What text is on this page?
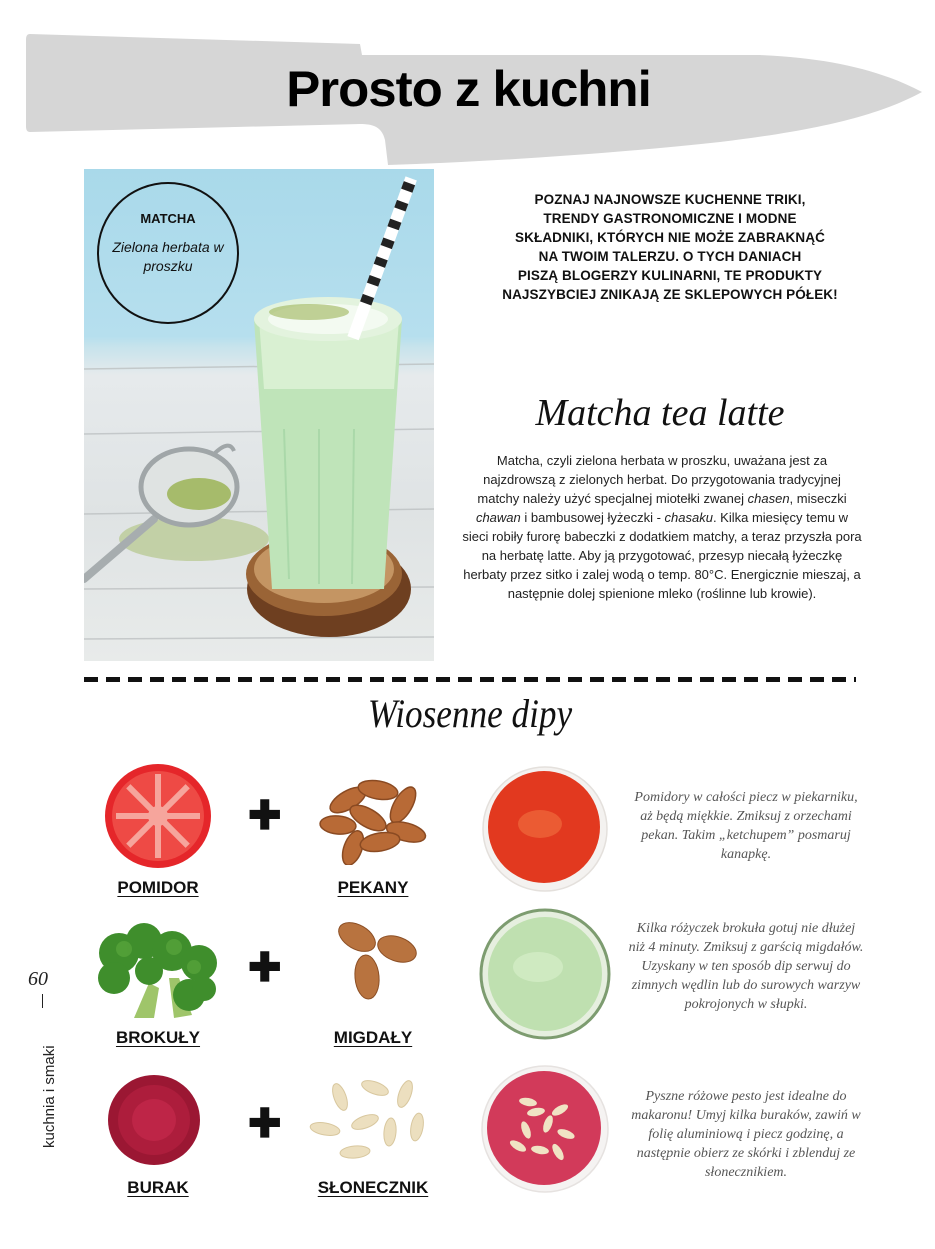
Prosto z kuchni
MATCHA
Zielona herbata w proszku
POZNAJ NAJNOWSZE KUCHENNE TRIKI,
TRENDY GASTRONOMICZNE I MODNE
SKŁADNIKI, KTÓRYCH NIE MOŻE ZABRAKNĄĆ
NA TWOIM TALERZU. O TYCH DANIACH
PISZĄ BLOGERZY KULINARNI, TE PRODUKTY
NAJSZYBCIEJ ZNIKAJĄ ZE SKLEPOWYCH PÓŁEK!
Matcha tea latte
Matcha, czyli zielona herbata w proszku, uważana jest za najzdrowszą z zielonych herbat. Do przygotowania tradycyjnej matchy należy użyć specjalnej miotełki zwanej chasen, miseczki chawan i bambusowej łyżeczki - chasaku. Kilka miesięcy temu w sieci robiły furorę babeczki z dodatkiem matchy, a teraz przyszła pora na herbatę latte. Aby ją przygotować, przesyp niecałą łyżeczkę herbaty przez sitko i zalej wodą o temp. 80°C. Energicznie mieszaj, a następnie dolej spienione mleko (roślinne lub krowie).
Wiosenne dipy
✚
POMIDOR	PEKANY
Pomidory w całości piecz w piekarniku, aż będą miękkie. Zmiksuj z orzechami pekan. Takim „ketchupem” posmaruj kanapkę.
✚
BROKUŁY	MIGDAŁY
Kilka różyczek brokuła gotuj nie dłużej niż 4 minuty. Zmiksuj z garścią migdałów. Uzyskany w ten sposób dip serwuj do zimnych wędlin lub do surowych warzyw pokrojonych w słupki.
✚
BURAK	SŁONECZNIK
Pyszne różowe pesto jest idealne do makaronu! Umyj kilka buraków, zawiń w folię aluminiową i piecz godzinę, a następnie obierz ze skórki i zblenduj ze słonecznikiem.
60
kuchnia i smaki
